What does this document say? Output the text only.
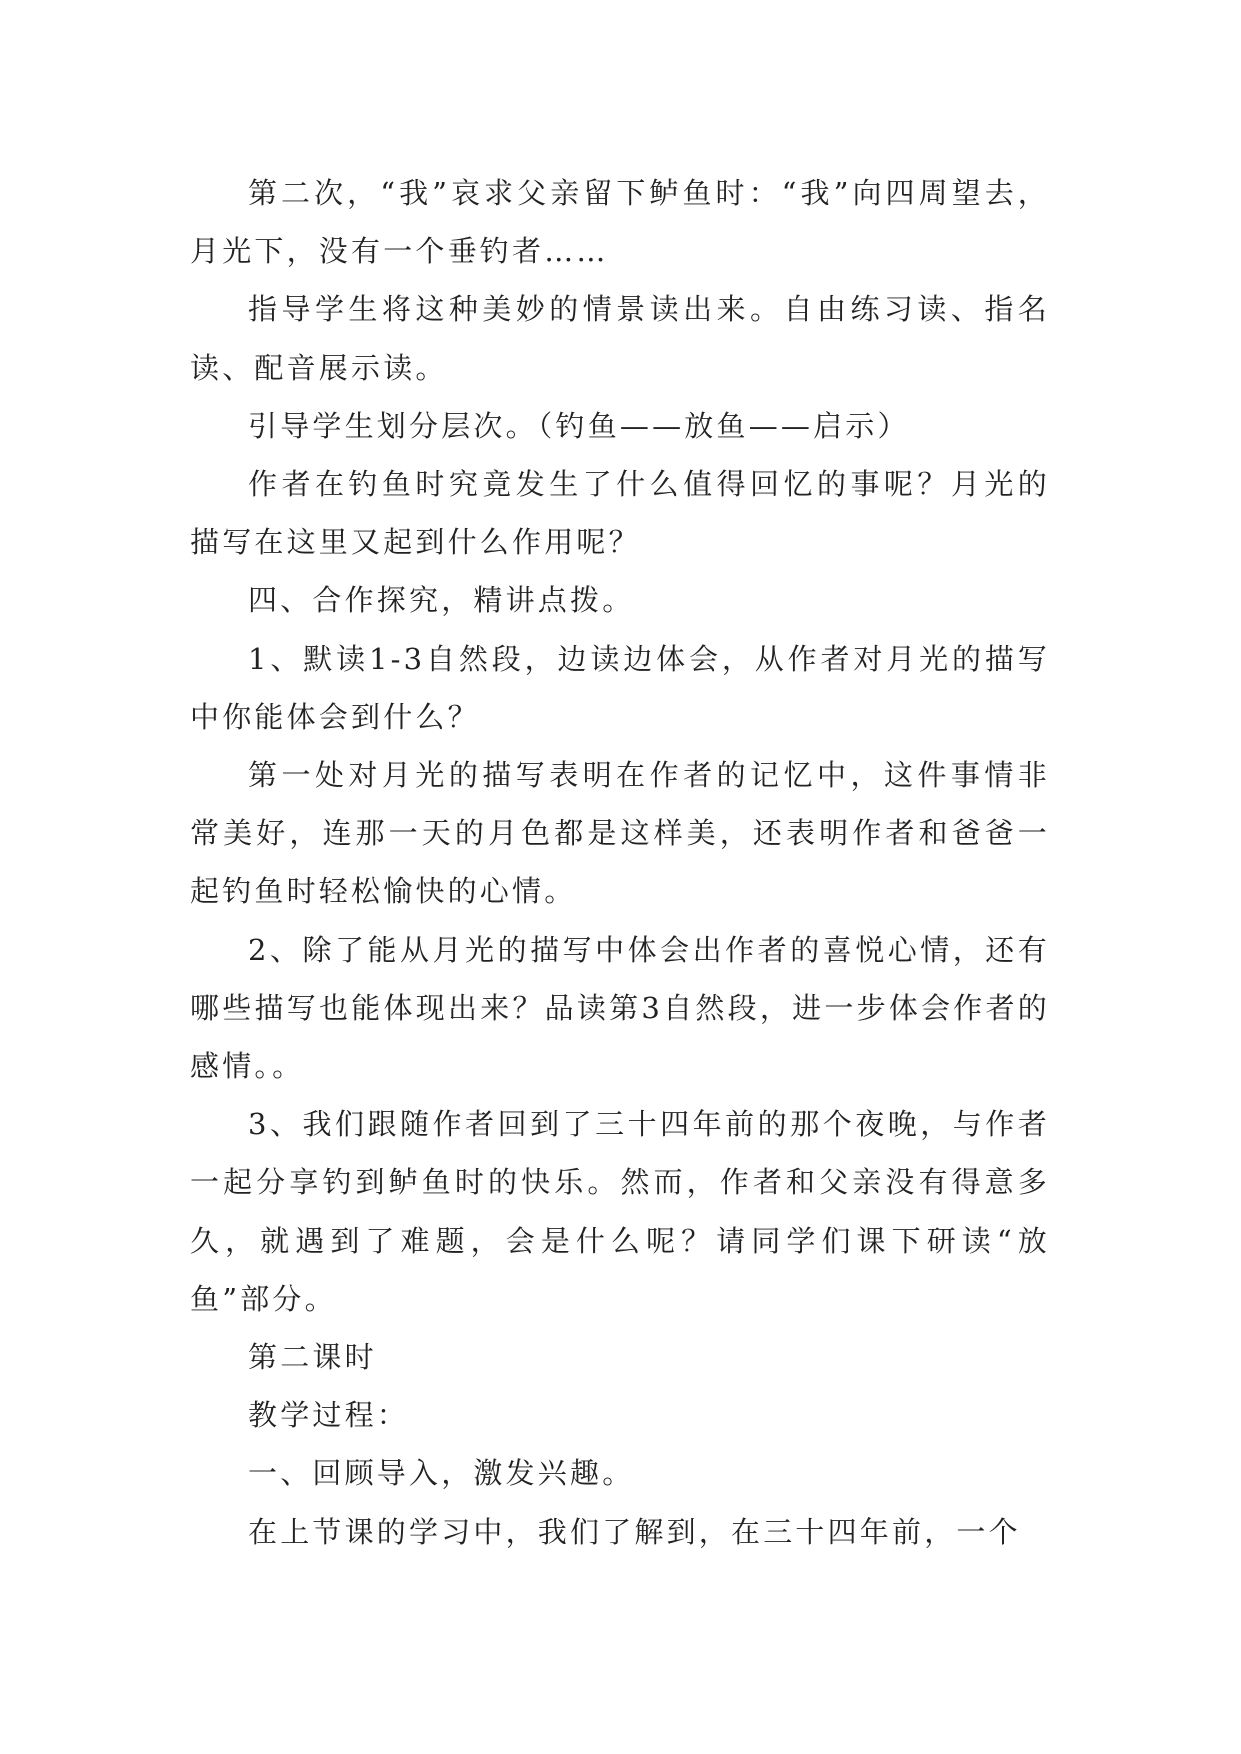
第二次，“我”哀求父亲留下鲈鱼时：“我”向四周望去，月光下，没有一个垂钓者……

指导学生将这种美妙的情景读出来。自由练习读、指名读、配音展示读。

引导学生划分层次。（钓鱼——放鱼——启示）

作者在钓鱼时究竟发生了什么值得回忆的事呢？月光的描写在这里又起到什么作用呢？

四、合作探究，精讲点拨。

1、默读1-3自然段，边读边体会，从作者对月光的描写中你能体会到什么？

第一处对月光的描写表明在作者的记忆中，这件事情非常美好，连那一天的月色都是这样美，还表明作者和爸爸一起钓鱼时轻松愉快的心情。

2、除了能从月光的描写中体会出作者的喜悦心情，还有哪些描写也能体现出来？品读第3自然段，进一步体会作者的感情。。

3、我们跟随作者回到了三十四年前的那个夜晚，与作者一起分享钓到鲈鱼时的快乐。然而，作者和父亲没有得意多久，就遇到了难题，会是什么呢？请同学们课下研读“放鱼”部分。

第二课时

教学过程：

一、回顾导入，激发兴趣。

在上节课的学习中，我们了解到，在三十四年前，一个
